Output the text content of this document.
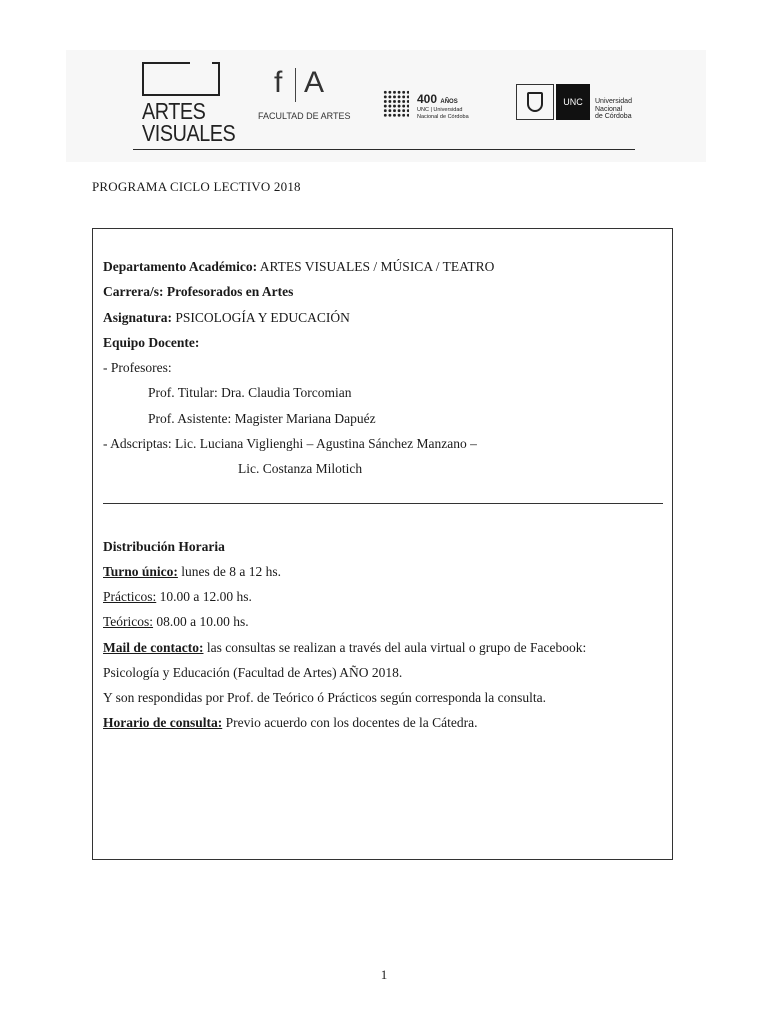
ARTES
VISUALES
f A
FACULTAD DE ARTES
400 AÑOS
UNC | Universidad
Nacional de Córdoba
UNC	Universidad
Nacional
de Córdoba
PROGRAMA CICLO LECTIVO 2018
Departamento Académico: ARTES VISUALES / MÚSICA / TEATRO
Carrera/s: Profesorados en Artes
Asignatura: PSICOLOGÍA Y EDUCACIÓN
Equipo Docente:
- Profesores:
Prof. Titular: Dra. Claudia Torcomian
Prof. Asistente: Magister Mariana Dapuéz
- Adscriptas: Lic. Luciana Viglienghi – Agustina Sánchez Manzano –
Lic. Costanza Milotich
Distribución Horaria
Turno único: lunes de 8 a 12 hs.
Prácticos: 10.00 a 12.00 hs.
Teóricos: 08.00 a 10.00 hs.
Mail de contacto: las consultas se realizan a través del aula virtual o grupo de Facebook:
Psicología y Educación (Facultad de Artes) AÑO 2018.
Y son respondidas por Prof. de Teórico ó Prácticos según corresponda la consulta.
Horario de consulta: Previo acuerdo con los docentes de la Cátedra.
1
